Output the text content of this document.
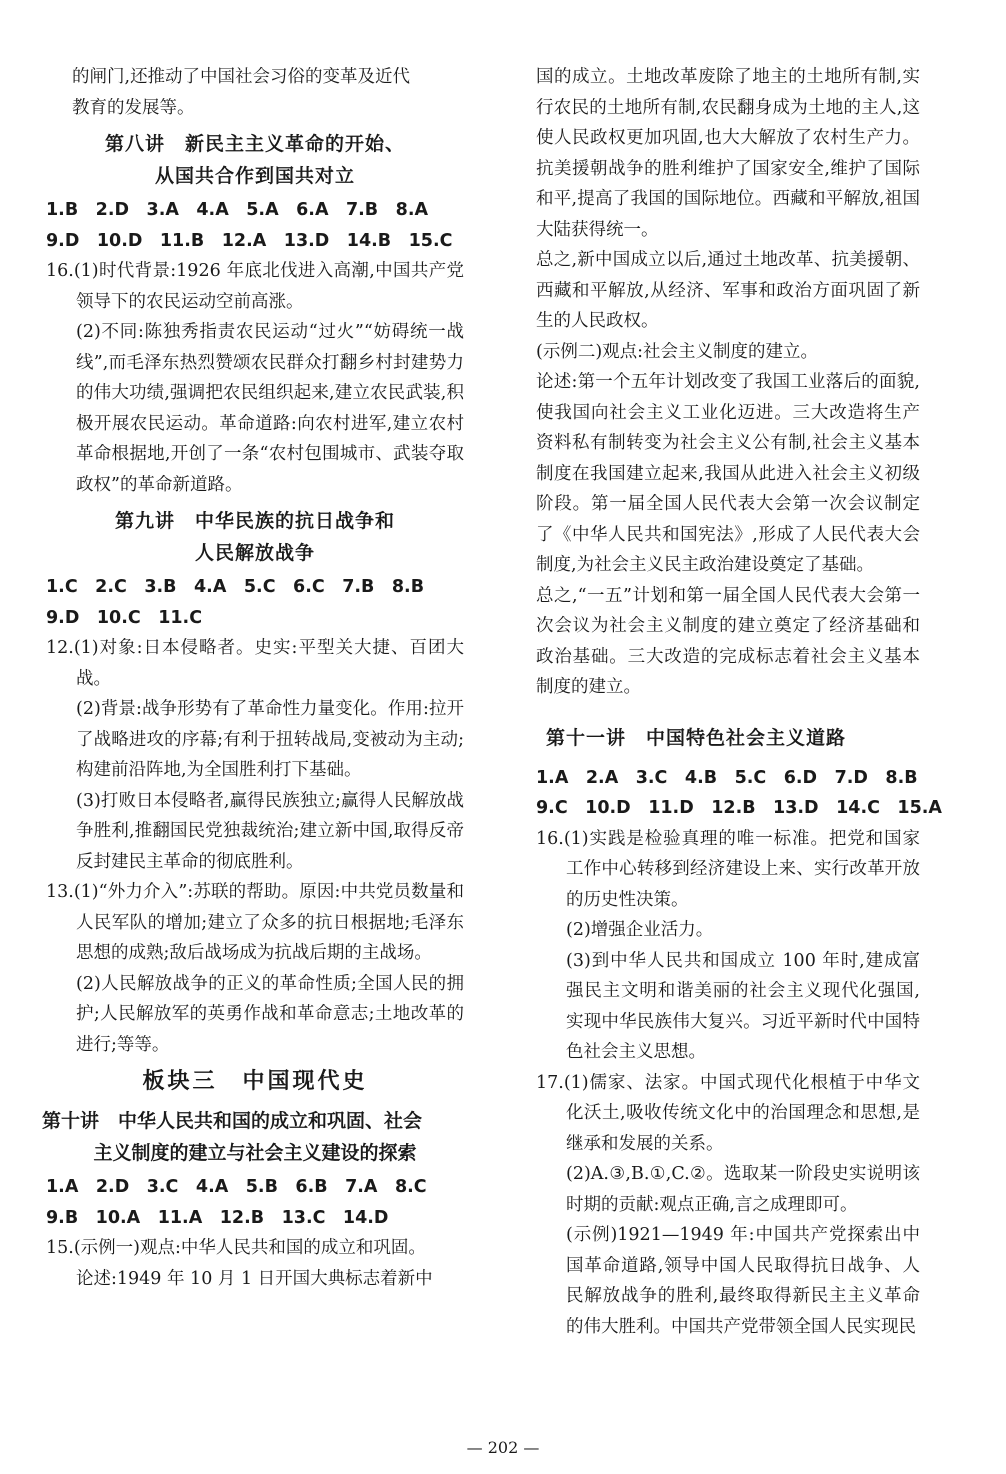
的闸门,还推动了中国社会习俗的变革及近代

教育的发展等。

第八讲　新民主主义革命的开始、
从国共合作到国共对立

1.B　2.D　3.A　4.A　5.A　6.A　7.B　8.A

9.D　10.D　11.B　12.A　13.D　14.B　15.C

16.(1)时代背景:1926 年底北伐进入高潮,中国共产党领导下的农民运动空前高涨。

(2)不同:陈独秀指责农民运动“过火”“妨碍统一战线”,而毛泽东热烈赞颂农民群众打翻乡村封建势力的伟大功绩,强调把农民组织起来,建立农民武装,积极开展农民运动。革命道路:向农村进军,建立农村革命根据地,开创了一条“农村包围城市、武装夺取政权”的革命新道路。

第九讲　中华民族的抗日战争和
人民解放战争

1.C　2.C　3.B　4.A　5.C　6.C　7.B　8.B

9.D　10.C　11.C

12.(1)对象:日本侵略者。史实:平型关大捷、百团大战。

(2)背景:战争形势有了革命性力量变化。作用:拉开了战略进攻的序幕;有利于扭转战局,变被动为主动;构建前沿阵地,为全国胜利打下基础。

(3)打败日本侵略者,赢得民族独立;赢得人民解放战争胜利,推翻国民党独裁统治;建立新中国,取得反帝反封建民主革命的彻底胜利。

13.(1)“外力介入”:苏联的帮助。原因:中共党员数量和人民军队的增加;建立了众多的抗日根据地;毛泽东思想的成熟;敌后战场成为抗战后期的主战场。

(2)人民解放战争的正义的革命性质;全国人民的拥护;人民解放军的英勇作战和革命意志;土地改革的进行;等等。

板块三　中国现代史
第十讲　中华人民共和国的成立和巩固、社会
主义制度的建立与社会主义建设的探索

1.A　2.D　3.C　4.A　5.B　6.B　7.A　8.C

9.B　10.A　11.A　12.B　13.C　14.D

15.(示例一)观点:中华人民共和国的成立和巩固。

论述:1949 年 10 月 1 日开国大典标志着新中

国的成立。土地改革废除了地主的土地所有制,实行农民的土地所有制,农民翻身成为土地的主人,这使人民政权更加巩固,也大大解放了农村生产力。抗美援朝战争的胜利维护了国家安全,维护了国际和平,提高了我国的国际地位。西藏和平解放,祖国大陆获得统一。

总之,新中国成立以后,通过土地改革、抗美援朝、西藏和平解放,从经济、军事和政治方面巩固了新生的人民政权。

(示例二)观点:社会主义制度的建立。

论述:第一个五年计划改变了我国工业落后的面貌,使我国向社会主义工业化迈进。三大改造将生产资料私有制转变为社会主义公有制,社会主义基本制度在我国建立起来,我国从此进入社会主义初级阶段。第一届全国人民代表大会第一次会议制定了《中华人民共和国宪法》,形成了人民代表大会制度,为社会主义民主政治建设奠定了基础。

总之,“一五”计划和第一届全国人民代表大会第一次会议为社会主义制度的建立奠定了经济基础和政治基础。三大改造的完成标志着社会主义基本制度的建立。

第十一讲　中国特色社会主义道路

1.A　2.A　3.C　4.B　5.C　6.D　7.D　8.B

9.C　10.D　11.D　12.B　13.D　14.C　15.A

16.(1)实践是检验真理的唯一标准。把党和国家工作中心转移到经济建设上来、实行改革开放的历史性决策。

(2)增强企业活力。

(3)到中华人民共和国成立 100 年时,建成富强民主文明和谐美丽的社会主义现代化强国,实现中华民族伟大复兴。习近平新时代中国特色社会主义思想。

17.(1)儒家、法家。中国式现代化根植于中华文化沃土,吸收传统文化中的治国理念和思想,是继承和发展的关系。

(2)A.③,B.①,C.②。选取某一阶段史实说明该时期的贡献:观点正确,言之成理即可。

(示例)1921—1949 年:中国共产党探索出中国革命道路,领导中国人民取得抗日战争、人民解放战争的胜利,最终取得新民主主义革命的伟大胜利。中国共产党带领全国人民实现民

— 202 —
